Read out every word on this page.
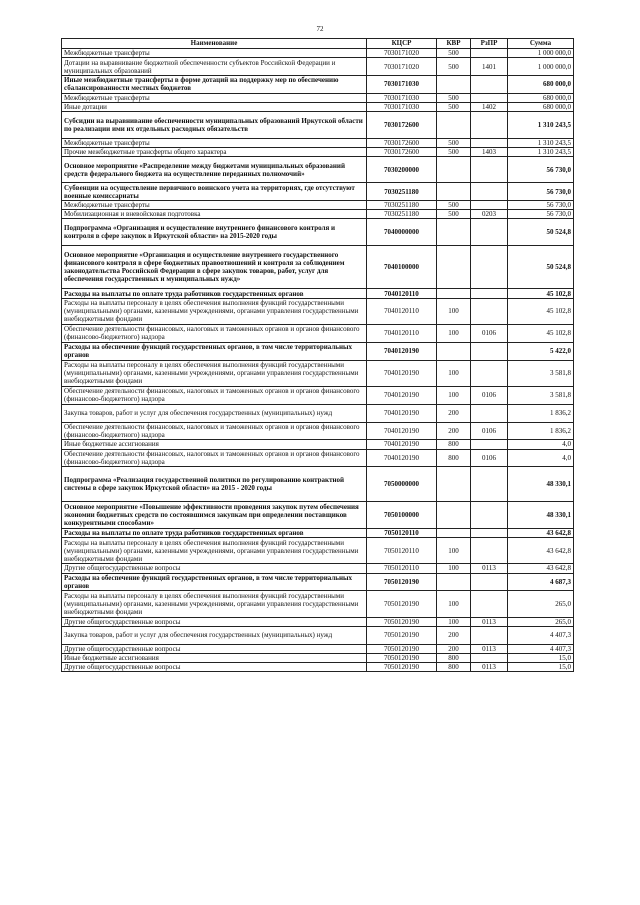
72
Наименование	КЦСР	КВР	РзПР	Сумма
Межбюджетные трансферты	7030171020	500		1 000 000,0
Дотации на выравнивание бюджетной обеспеченности субъектов Российской Федерации и муниципальных образований	7030171020	500	1401	1 000 000,0
Иные межбюджетные трансферты в форме дотаций на поддержку мер по обеспечению сбалансированности местных бюджетов	7030171030			680 000,0
Межбюджетные трансферты	7030171030	500		680 000,0
Иные дотации	7030171030	500	1402	680 000,0
Субсидии на выравнивание обеспеченности муниципальных образований Иркутской области по реализации ими их отдельных расходных обязательств	7030172600			1 310 243,5
Межбюджетные трансферты	7030172600	500		1 310 243,5
Прочие межбюджетные трансферты общего характера	7030172600	500	1403	1 310 243,5
Основное мероприятие «Распределение между бюджетами муниципальных образований средств федерального бюджета на осуществление переданных полномочий»	7030200000			56 730,0
Субвенции на осуществление первичного воинского учета на территориях, где отсутствуют военные комиссариаты	7030251180			56 730,0
Межбюджетные трансферты	7030251180	500		56 730,0
Мобилизационная и вневойсковая подготовка	7030251180	500	0203	56 730,0
Подпрограмма «Организация и осуществление внутреннего финансового контроля и контроля в сфере закупок в Иркутской области» на 2015-2020 годы	7040000000			50 524,8
Основное мероприятие «Организация и осуществление внутреннего государственного финансового контроля в сфере бюджетных правоотношений и контроля за соблюдением законодательства Российской Федерации в сфере закупок товаров, работ, услуг для обеспечения государственных и муниципальных нужд»	7040100000			50 524,8
Расходы на выплаты по оплате труда работников государственных органов	7040120110			45 102,8
Расходы на выплаты персоналу в целях обеспечения выполнения функций государственными (муниципальными) органами, казенными учреждениями, органами управления государственными внебюджетными фондами	7040120110	100		45 102,8
Обеспечение деятельности финансовых, налоговых и таможенных органов и органов финансового (финансово-бюджетного) надзора	7040120110	100	0106	45 102,8
Расходы на обеспечение функций государственных органов, в том числе территориальных органов	7040120190			5 422,0
Расходы на выплаты персоналу в целях обеспечения выполнения функций государственными (муниципальными) органами, казенными учреждениями, органами управления государственными внебюджетными фондами	7040120190	100		3 581,8
Обеспечение деятельности финансовых, налоговых и таможенных органов и органов финансового (финансово-бюджетного) надзора	7040120190	100	0106	3 581,8
Закупка товаров, работ и услуг для обеспечения государственных (муниципальных) нужд	7040120190	200		1 836,2
Обеспечение деятельности финансовых, налоговых и таможенных органов и органов финансового (финансово-бюджетного) надзора	7040120190	200	0106	1 836,2
Иные бюджетные ассигнования	7040120190	800		4,0
Обеспечение деятельности финансовых, налоговых и таможенных органов и органов финансового (финансово-бюджетного) надзора	7040120190	800	0106	4,0
Подпрограмма «Реализация государственной политики по регулированию контрактной системы в сфере закупок Иркутской области» на 2015 - 2020 годы	7050000000			48 330,1
Основное мероприятие «Повышение эффективности проведения закупок путем обеспечения экономии бюджетных средств по состоявшимся закупкам при определении поставщиков конкурентными способами»	7050100000			48 330,1
Расходы на выплаты по оплате труда работников государственных органов	7050120110			43 642,8
Расходы на выплаты персоналу в целях обеспечения выполнения функций государственными (муниципальными) органами, казенными учреждениями, органами управления государственными внебюджетными фондами	7050120110	100		43 642,8
Другие общегосударственные вопросы	7050120110	100	0113	43 642,8
Расходы на обеспечение функций государственных органов, в том числе территориальных органов	7050120190			4 687,3
Расходы на выплаты персоналу в целях обеспечения выполнения функций государственными (муниципальными) органами, казенными учреждениями, органами управления государственными внебюджетными фондами	7050120190	100		265,0
Другие общегосударственные вопросы	7050120190	100	0113	265,0
Закупка товаров, работ и услуг для обеспечения государственных (муниципальных) нужд	7050120190	200		4 407,3
Другие общегосударственные вопросы	7050120190	200	0113	4 407,3
Иные бюджетные ассигнования	7050120190	800		15,0
Другие общегосударственные вопросы	7050120190	800	0113	15,0
